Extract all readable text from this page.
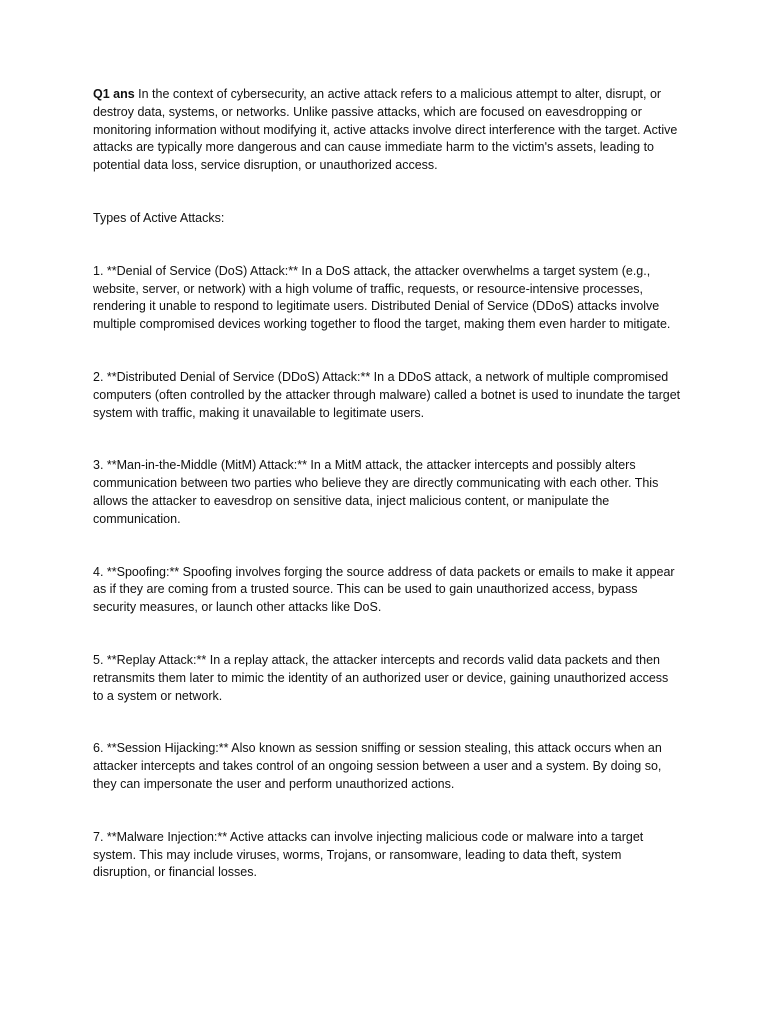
Q1 ans In the context of cybersecurity, an active attack refers to a malicious attempt to alter, disrupt, or destroy data, systems, or networks. Unlike passive attacks, which are focused on eavesdropping or monitoring information without modifying it, active attacks involve direct interference with the target. Active attacks are typically more dangerous and can cause immediate harm to the victim's assets, leading to potential data loss, service disruption, or unauthorized access.

Types of Active Attacks:

1. **Denial of Service (DoS) Attack:** In a DoS attack, the attacker overwhelms a target system (e.g., website, server, or network) with a high volume of traffic, requests, or resource-intensive processes, rendering it unable to respond to legitimate users. Distributed Denial of Service (DDoS) attacks involve multiple compromised devices working together to flood the target, making them even harder to mitigate.

2. **Distributed Denial of Service (DDoS) Attack:** In a DDoS attack, a network of multiple compromised computers (often controlled by the attacker through malware) called a botnet is used to inundate the target system with traffic, making it unavailable to legitimate users.

3. **Man-in-the-Middle (MitM) Attack:** In a MitM attack, the attacker intercepts and possibly alters communication between two parties who believe they are directly communicating with each other. This allows the attacker to eavesdrop on sensitive data, inject malicious content, or manipulate the communication.

4. **Spoofing:** Spoofing involves forging the source address of data packets or emails to make it appear as if they are coming from a trusted source. This can be used to gain unauthorized access, bypass security measures, or launch other attacks like DoS.

5. **Replay Attack:** In a replay attack, the attacker intercepts and records valid data packets and then retransmits them later to mimic the identity of an authorized user or device, gaining unauthorized access to a system or network.

6. **Session Hijacking:** Also known as session sniffing or session stealing, this attack occurs when an attacker intercepts and takes control of an ongoing session between a user and a system. By doing so, they can impersonate the user and perform unauthorized actions.

7. **Malware Injection:** Active attacks can involve injecting malicious code or malware into a target system. This may include viruses, worms, Trojans, or ransomware, leading to data theft, system disruption, or financial losses.
